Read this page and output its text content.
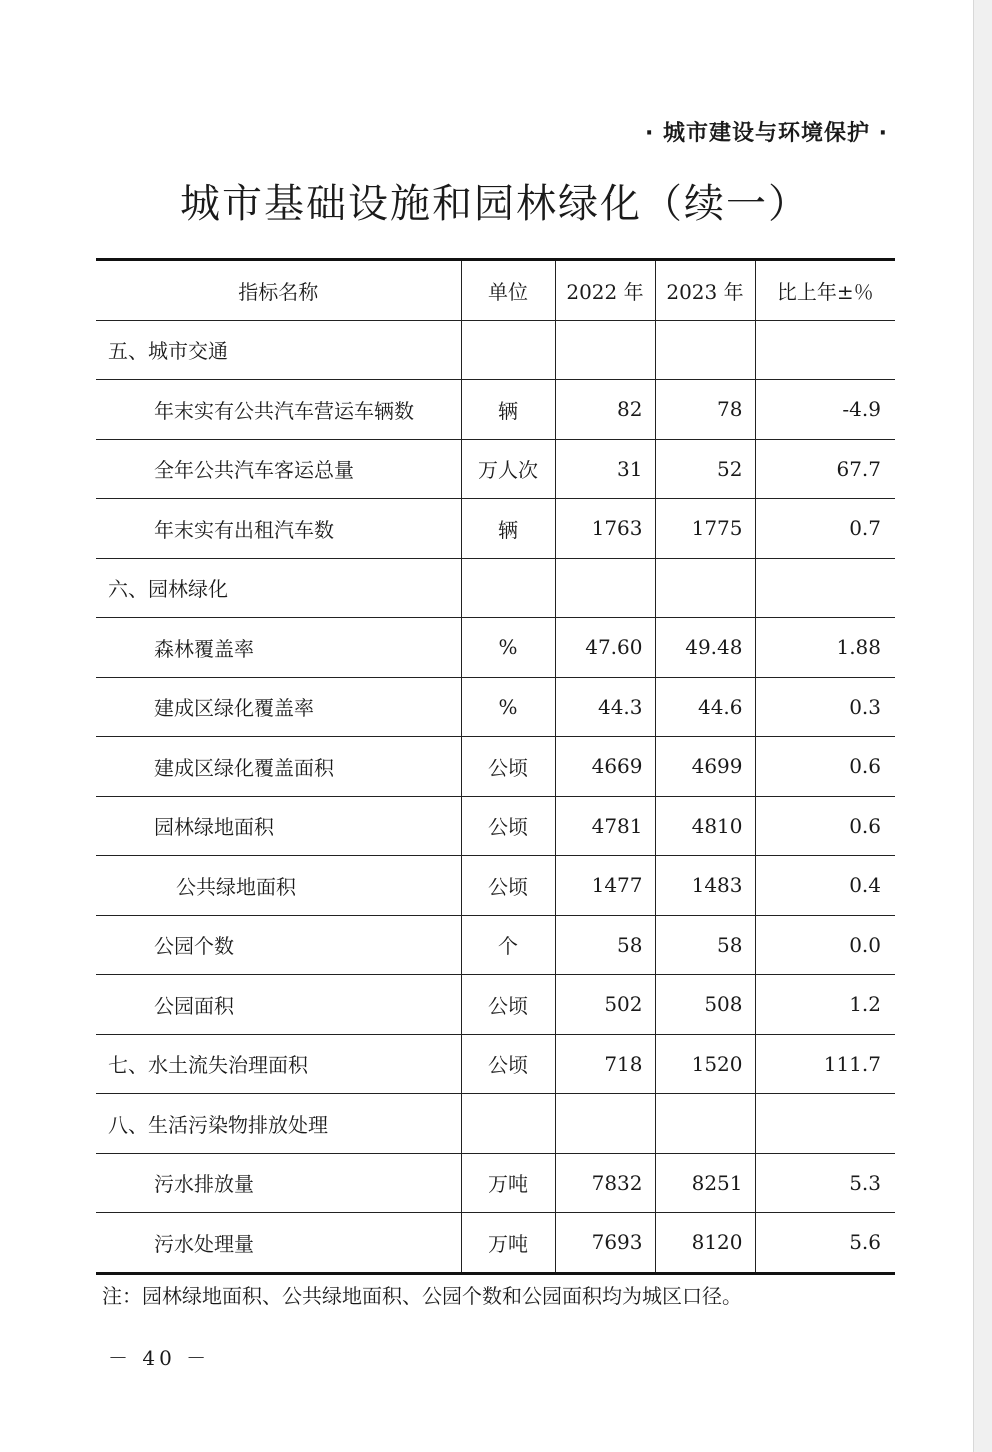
· 城市建设与环境保护 ·
城市基础设施和园林绿化（续一）
指标名称	单位	2022 年	2023 年	比上年±％
五、城市交通				
年末实有公共汽车营运车辆数	辆	82	78	-4.9
全年公共汽车客运总量	万人次	31	52	67.7
年末实有出租汽车数	辆	1763	1775	0.7
六、园林绿化				
森林覆盖率	%	47.60	49.48	1.88
建成区绿化覆盖率	%	44.3	44.6	0.3
建成区绿化覆盖面积	公顷	4669	4699	0.6
园林绿地面积	公顷	4781	4810	0.6
公共绿地面积	公顷	1477	1483	0.4
公园个数	个	58	58	0.0
公园面积	公顷	502	508	1.2
七、水土流失治理面积	公顷	718	1520	111.7
八、生活污染物排放处理				
污水排放量	万吨	7832	8251	5.3
污水处理量	万吨	7693	8120	5.6
注：园林绿地面积、公共绿地面积、公园个数和公园面积均为城区口径。
－ 40 －
